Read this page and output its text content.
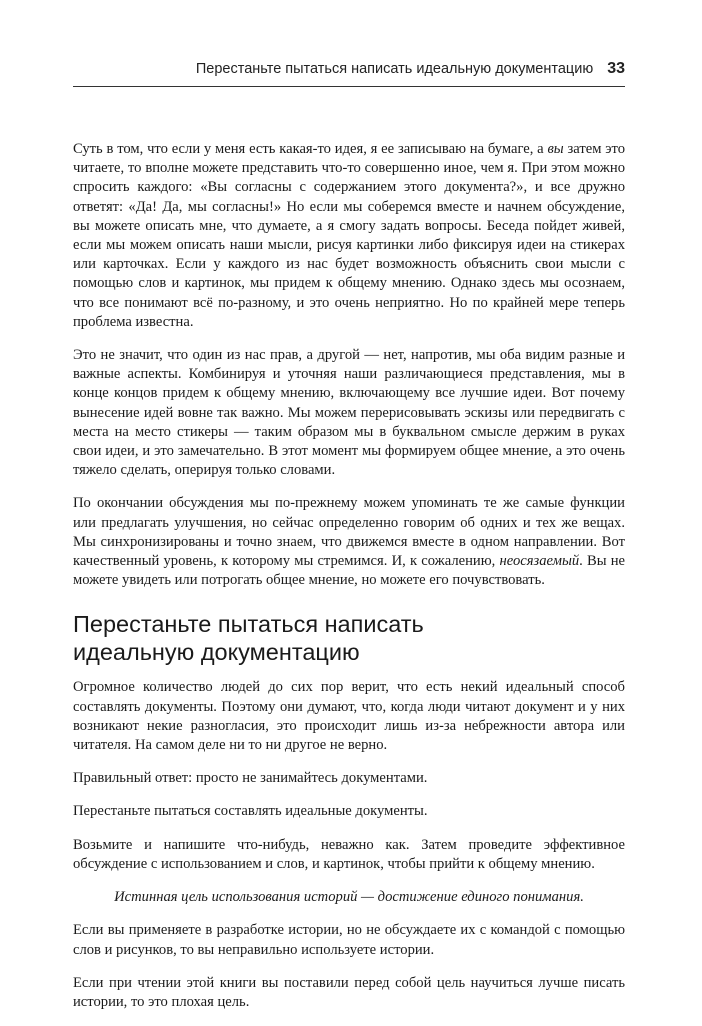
Перестаньте пытаться написать идеальную документацию 33

Суть в том, что если у меня есть какая-то идея, я ее записываю на бумаге, а вы затем это читаете, то вполне можете представить что-то совершенно иное, чем я. При этом можно спросить каждого: «Вы согласны с содержанием этого документа?», и все дружно ответят: «Да! Да, мы согласны!» Но если мы соберемся вместе и начнем обсуждение, вы можете описать мне, что думаете, а я смогу задать вопросы. Беседа пойдет живей, если мы можем описать наши мысли, рисуя картинки либо фиксируя идеи на стикерах или карточках. Если у каждого из нас будет возможность объяснить свои мысли с помощью слов и картинок, мы придем к общему мнению. Однако здесь мы осознаем, что все понимают всё по-разному, и это очень неприятно. Но по крайней мере теперь проблема известна.

Это не значит, что один из нас прав, а другой — нет, напротив, мы оба видим разные и важные аспекты. Комбинируя и уточняя наши различающиеся представления, мы в конце концов придем к общему мнению, включающему все лучшие идеи. Вот почему вынесение идей вовне так важно. Мы можем перерисовывать эскизы или передвигать с места на место стикеры — таким образом мы в буквальном смысле держим в руках свои идеи, и это замечательно. В этот момент мы формируем общее мнение, а это очень тяжело сделать, оперируя только словами.

По окончании обсуждения мы по-прежнему можем упоминать те же самые функции или предлагать улучшения, но сейчас определенно говорим об одних и тех же вещах. Мы синхронизированы и точно знаем, что движемся вместе в одном направлении. Вот качественный уровень, к которому мы стремимся. И, к сожалению, неосязаемый. Вы не можете увидеть или потрогать общее мнение, но можете его почувствовать.

Перестаньте пытаться написать
идеальную документацию

Огромное количество людей до сих пор верит, что есть некий идеальный способ составлять документы. Поэтому они думают, что, когда люди читают документ и у них возникают некие разногласия, это происходит лишь из-за небрежности автора или читателя. На самом деле ни то ни другое не верно.

Правильный ответ: просто не занимайтесь документами.

Перестаньте пытаться составлять идеальные документы.

Возьмите и напишите что-нибудь, неважно как. Затем проведите эффективное обсуждение с использованием и слов, и картинок, чтобы прийти к общему мнению.

Истинная цель использования историй — достижение единого понимания.

Если вы применяете в разработке истории, но не обсуждаете их с командой с помощью слов и рисунков, то вы неправильно используете истории.

Если при чтении этой книги вы поставили перед собой цель научиться лучше писать истории, то это плохая цель.
